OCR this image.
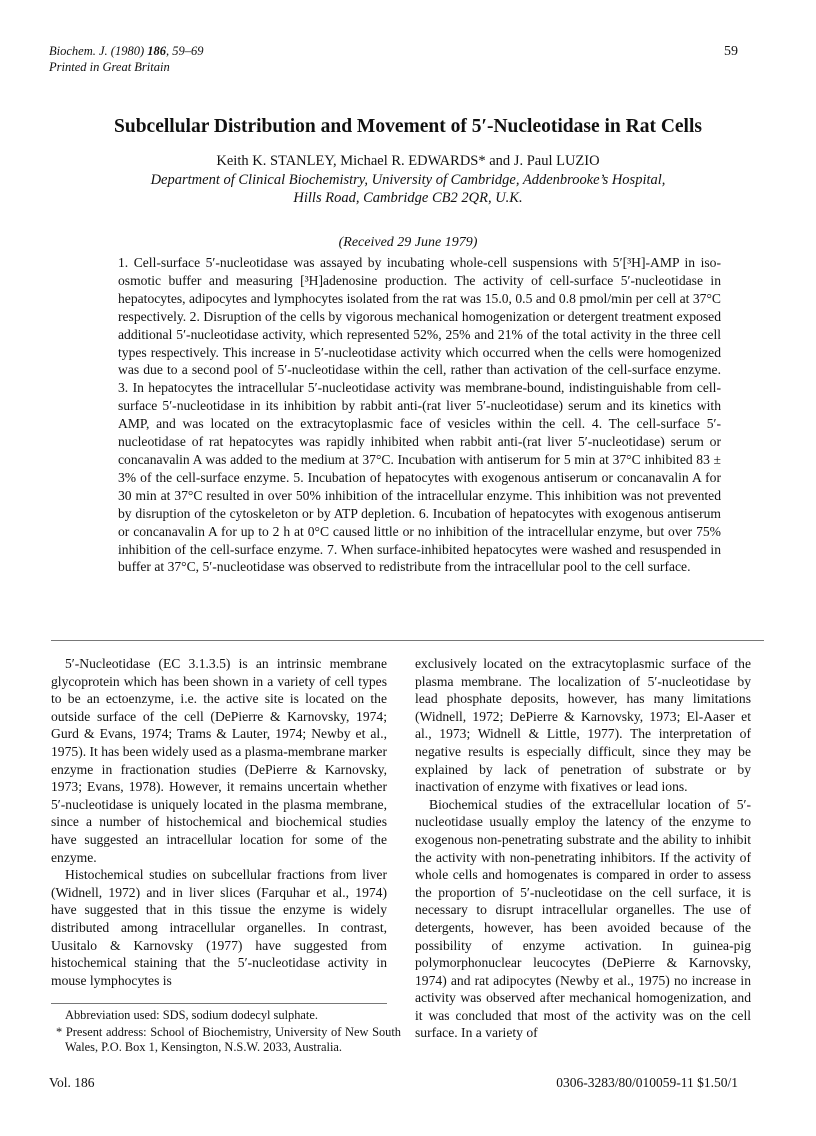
Biochem. J. (1980) 186, 59–69
Printed in Great Britain
59
Subcellular Distribution and Movement of 5′-Nucleotidase in Rat Cells
Keith K. STANLEY, Michael R. EDWARDS* and J. Paul LUZIO
Department of Clinical Biochemistry, University of Cambridge, Addenbrooke’s Hospital,
Hills Road, Cambridge CB2 2QR, U.K.
(Received 29 June 1979)
1. Cell-surface 5′-nucleotidase was assayed by incubating whole-cell suspensions with 5′[³H]-AMP in iso-osmotic buffer and measuring [³H]adenosine production. The activity of cell-surface 5′-nucleotidase in hepatocytes, adipocytes and lymphocytes isolated from the rat was 15.0, 0.5 and 0.8 pmol/min per cell at 37°C respectively. 2. Disruption of the cells by vigorous mechanical homogenization or detergent treatment exposed additional 5′-nucleotidase activity, which represented 52%, 25% and 21% of the total activity in the three cell types respectively. This increase in 5′-nucleotidase activity which occurred when the cells were homogenized was due to a second pool of 5′-nucleotidase within the cell, rather than activation of the cell-surface enzyme. 3. In hepatocytes the intracellular 5′-nucleotidase activity was membrane-bound, indistinguishable from cell-surface 5′-nucleotidase in its inhibition by rabbit anti-(rat liver 5′-nucleotidase) serum and its kinetics with AMP, and was located on the extracytoplasmic face of vesicles within the cell. 4. The cell-surface 5′-nucleotidase of rat hepatocytes was rapidly inhibited when rabbit anti-(rat liver 5′-nucleotidase) serum or concanavalin A was added to the medium at 37°C. Incubation with antiserum for 5 min at 37°C inhibited 83 ± 3% of the cell-surface enzyme. 5. Incubation of hepatocytes with exogenous antiserum or concanavalin A for 30 min at 37°C resulted in over 50% inhibition of the intracellular enzyme. This inhibition was not prevented by disruption of the cytoskeleton or by ATP depletion. 6. Incubation of hepatocytes with exogenous antiserum or concanavalin A for up to 2 h at 0°C caused little or no inhibition of the intracellular enzyme, but over 75% inhibition of the cell-surface enzyme. 7. When surface-inhibited hepatocytes were washed and resuspended in buffer at 37°C, 5′-nucleotidase was observed to redistribute from the intracellular pool to the cell surface.

5′-Nucleotidase (EC 3.1.3.5) is an intrinsic membrane glycoprotein which has been shown in a variety of cell types to be an ectoenzyme, i.e. the active site is located on the outside surface of the cell (DePierre & Karnovsky, 1974; Gurd & Evans, 1974; Trams & Lauter, 1974; Newby et al., 1975). It has been widely used as a plasma-membrane marker enzyme in fractionation studies (DePierre & Karnovsky, 1973; Evans, 1978). However, it remains uncertain whether 5′-nucleotidase is uniquely located in the plasma membrane, since a number of histochemical and biochemical studies have suggested an intracellular location for some of the enzyme.

Histochemical studies on subcellular fractions from liver (Widnell, 1972) and in liver slices (Farquhar et al., 1974) have suggested that in this tissue the enzyme is widely distributed among intracellular organelles. In contrast, Uusitalo & Karnovsky (1977) have suggested from histochemical staining that the 5′-nucleotidase activity in mouse lymphocytes is

exclusively located on the extracytoplasmic surface of the plasma membrane. The localization of 5′-nucleotidase by lead phosphate deposits, however, has many limitations (Widnell, 1972; DePierre & Karnovsky, 1973; El-Aaser et al., 1973; Widnell & Little, 1977). The interpretation of negative results is especially difficult, since they may be explained by lack of penetration of substrate or by inactivation of enzyme with fixatives or lead ions.

Biochemical studies of the extracellular location of 5′-nucleotidase usually employ the latency of the enzyme to exogenous non-penetrating substrate and the ability to inhibit the activity with non-penetrating inhibitors. If the activity of whole cells and homogenates is compared in order to assess the proportion of 5′-nucleotidase on the cell surface, it is necessary to disrupt intracellular organelles. The use of detergents, however, has been avoided because of the possibility of enzyme activation. In guinea-pig polymorphonuclear leucocytes (DePierre & Karnovsky, 1974) and rat adipocytes (Newby et al., 1975) no increase in activity was observed after mechanical homogenization, and it was concluded that most of the activity was on the cell surface. In a variety of

Abbreviation used: SDS, sodium dodecyl sulphate.
* Present address: School of Biochemistry, University of New South Wales, P.O. Box 1, Kensington, N.S.W. 2033, Australia.
Vol. 186	0306-3283/80/010059-11 $1.50/1
